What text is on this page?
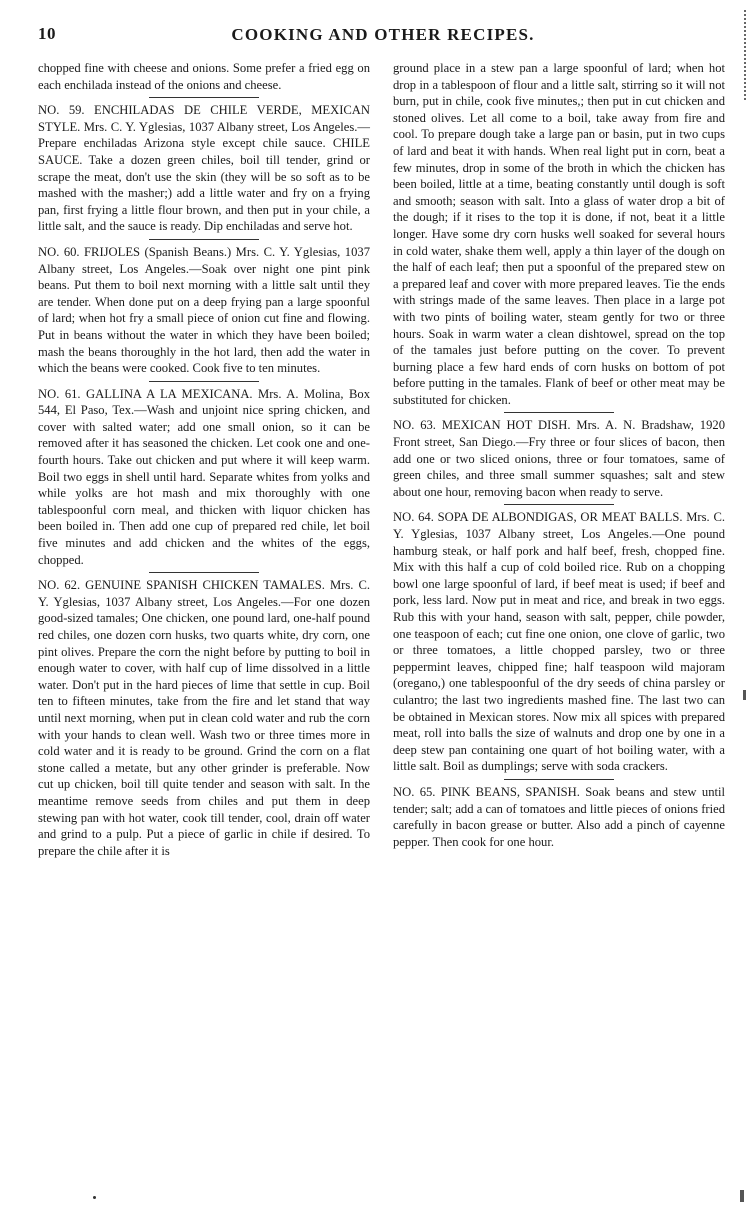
10	COOKING AND OTHER RECIPES.

chopped fine with cheese and onions. Some prefer a fried egg on each enchilada instead of the onions and cheese.

NO. 59. ENCHILADAS DE CHILE VERDE, MEXICAN STYLE. Mrs. C. Y. Yglesias, 1037 Albany street, Los Angeles.—Prepare enchiladas Arizona style except chile sauce. CHILE SAUCE. Take a dozen green chiles, boil till tender, grind or scrape the meat, don't use the skin (they will be so soft as to be mashed with the masher;) add a little water and fry on a frying pan, first frying a little flour brown, and then put in your chile, a little salt, and the sauce is ready. Dip enchiladas and serve hot.

NO. 60. FRIJOLES (Spanish Beans.) Mrs. C. Y. Yglesias, 1037 Albany street, Los Angeles.—Soak over night one pint pink beans. Put them to boil next morning with a little salt until they are tender. When done put on a deep frying pan a large spoonful of lard; when hot fry a small piece of onion cut fine and flowing. Put in beans without the water in which they have been boiled; mash the beans thoroughly in the hot lard, then add the water in which the beans were cooked. Cook five to ten minutes.

NO. 61. GALLINA A LA MEXICANA. Mrs. A. Molina, Box 544, El Paso, Tex.—Wash and unjoint nice spring chicken, and cover with salted water; add one small onion, so it can be removed after it has seasoned the chicken. Let cook one and one-fourth hours. Take out chicken and put where it will keep warm. Boil two eggs in shell until hard. Separate whites from yolks and while yolks are hot mash and mix thoroughly with one tablespoonful corn meal, and thicken with liquor chicken has been boiled in. Then add one cup of prepared red chile, let boil five minutes and add chicken and the whites of the eggs, chopped.

NO. 62. GENUINE SPANISH CHICKEN TAMALES. Mrs. C. Y. Yglesias, 1037 Albany street, Los Angeles.—For one dozen good-sized tamales; One chicken, one pound lard, one-half pound red chiles, one dozen corn husks, two quarts white, dry corn, one pint olives. Prepare the corn the night before by putting to boil in enough water to cover, with half cup of lime dissolved in a little water. Don't put in the hard pieces of lime that settle in cup. Boil ten to fifteen minutes, take from the fire and let stand that way until next morning, when put in clean cold water and rub the corn with your hands to clean well. Wash two or three times more in cold water and it is ready to be ground. Grind the corn on a flat stone called a metate, but any other grinder is preferable. Now cut up chicken, boil till quite tender and season with salt. In the meantime remove seeds from chiles and put them in deep stewing pan with hot water, cook till tender, cool, drain off water and grind to a pulp. Put a piece of garlic in chile if desired. To prepare the chile after it is

ground place in a stew pan a large spoonful of lard; when hot drop in a tablespoon of flour and a little salt, stirring so it will not burn, put in chile, cook five minutes,; then put in cut chicken and stoned olives. Let all come to a boil, take away from fire and cool. To prepare dough take a large pan or basin, put in two cups of lard and beat it with hands. When real light put in corn, beat a few minutes, drop in some of the broth in which the chicken has been boiled, little at a time, beating constantly until dough is soft and smooth; season with salt. Into a glass of water drop a bit of the dough; if it rises to the top it is done, if not, beat it a little longer. Have some dry corn husks well soaked for several hours in cold water, shake them well, apply a thin layer of the dough on the half of each leaf; then put a spoonful of the prepared stew on a prepared leaf and cover with more prepared leaves. Tie the ends with strings made of the same leaves. Then place in a large pot with two pints of boiling water, steam gently for two or three hours. Soak in warm water a clean dishtowel, spread on the top of the tamales just before putting on the cover. To prevent burning place a few hard ends of corn husks on bottom of pot before putting in the tamales. Flank of beef or other meat may be substituted for chicken.

NO. 63. MEXICAN HOT DISH. Mrs. A. N. Bradshaw, 1920 Front street, San Diego.—Fry three or four slices of bacon, then add one or two sliced onions, three or four tomatoes, same of green chiles, and three small summer squashes; salt and stew about one hour, removing bacon when ready to serve.

NO. 64. SOPA DE ALBONDIGAS, OR MEAT BALLS. Mrs. C. Y. Yglesias, 1037 Albany street, Los Angeles.—One pound hamburg steak, or half pork and half beef, fresh, chopped fine. Mix with this half a cup of cold boiled rice. Rub on a chopping bowl one large spoonful of lard, if beef meat is used; if beef and pork, less lard. Now put in meat and rice, and break in two eggs. Rub this with your hand, season with salt, pepper, chile powder, one teaspoon of each; cut fine one onion, one clove of garlic, two or three tomatoes, a little chopped parsley, two or three peppermint leaves, chipped fine; half teaspoon wild majoram (oregano,) one tablespoonful of the dry seeds of china parsley or culantro; the last two ingredients mashed fine. The last two can be obtained in Mexican stores. Now mix all spices with prepared meat, roll into balls the size of walnuts and drop one by one in a deep stew pan containing one quart of hot boiling water, with a little salt. Boil as dumplings; serve with soda crackers.

NO. 65. PINK BEANS, SPANISH. Soak beans and stew until tender; salt; add a can of tomatoes and little pieces of onions fried carefully in bacon grease or butter. Also add a pinch of cayenne pepper. Then cook for one hour.
